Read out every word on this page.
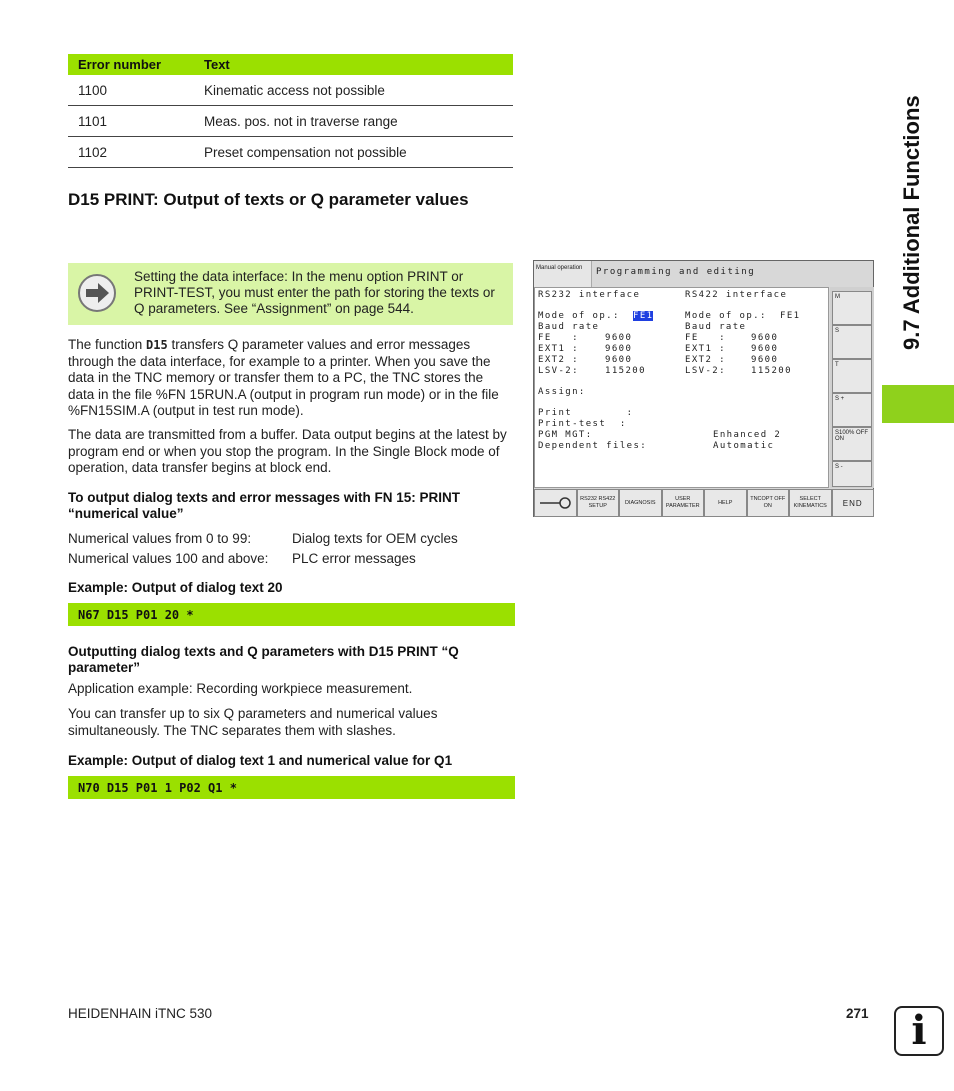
Error number	Text
1100	Kinematic access not possible
1101	Meas. pos. not in traverse range
1102	Preset compensation not possible
D15 PRINT: Output of texts or Q parameter values
Setting the data interface: In the menu option PRINT or PRINT-TEST, you must enter the path for storing the texts or Q parameters. See “Assignment” on page 544.
The function D15 transfers Q parameter values and error messages through the data interface, for example to a printer. When you save the data in the TNC memory or transfer them to a PC, the TNC stores the data in the file %FN 15RUN.A (output in program run mode) or in the file %FN15SIM.A (output in test run mode).
The data are transmitted from a buffer. Data output begins at the latest by program end or when you stop the program. In the Single Block mode of operation, data transfer begins at block end.
To output dialog texts and error messages with FN 15: PRINT “numerical value”
Numerical values from 0 to 99:	Dialog texts for OEM cycles
Numerical values 100 and above: PLC error messages
Example: Output of dialog text 20
N67 D15 P01 20 *
Outputting dialog texts and Q parameters with D15 PRINT “Q parameter”
Application example: Recording workpiece measurement.
You can transfer up to six Q parameters and numerical values simultaneously. The TNC separates them with slashes.
Example: Output of dialog text 1 and numerical value for Q1
N70 D15 P01 1 P02 Q1 *
Manual operation	Programming and editing
RS232 interface	RS422 interface
Mode of op.: FE1	Mode of op.: FE1
Baud rate	Baud rate
FE   :	9600	FE   :	9600
EXT1 :	9600	EXT1 :	9600
EXT2 :	9600	EXT2 :	9600
LSV-2:	115200	LSV-2:	115200
Assign:
Print        :
Print-test  :
PGM MGT:	Enhanced 2
Dependent files:	Automatic
M
S
T
S +
S100% OFF ON
S -
RS232 RS422 SETUP
DIAGNOSIS
USER PARAMETER
HELP
TNCOPT OFF ON
SELECT KINEMATICS	END
9.7 Additional Functions
HEIDENHAIN iTNC 530	271	i
